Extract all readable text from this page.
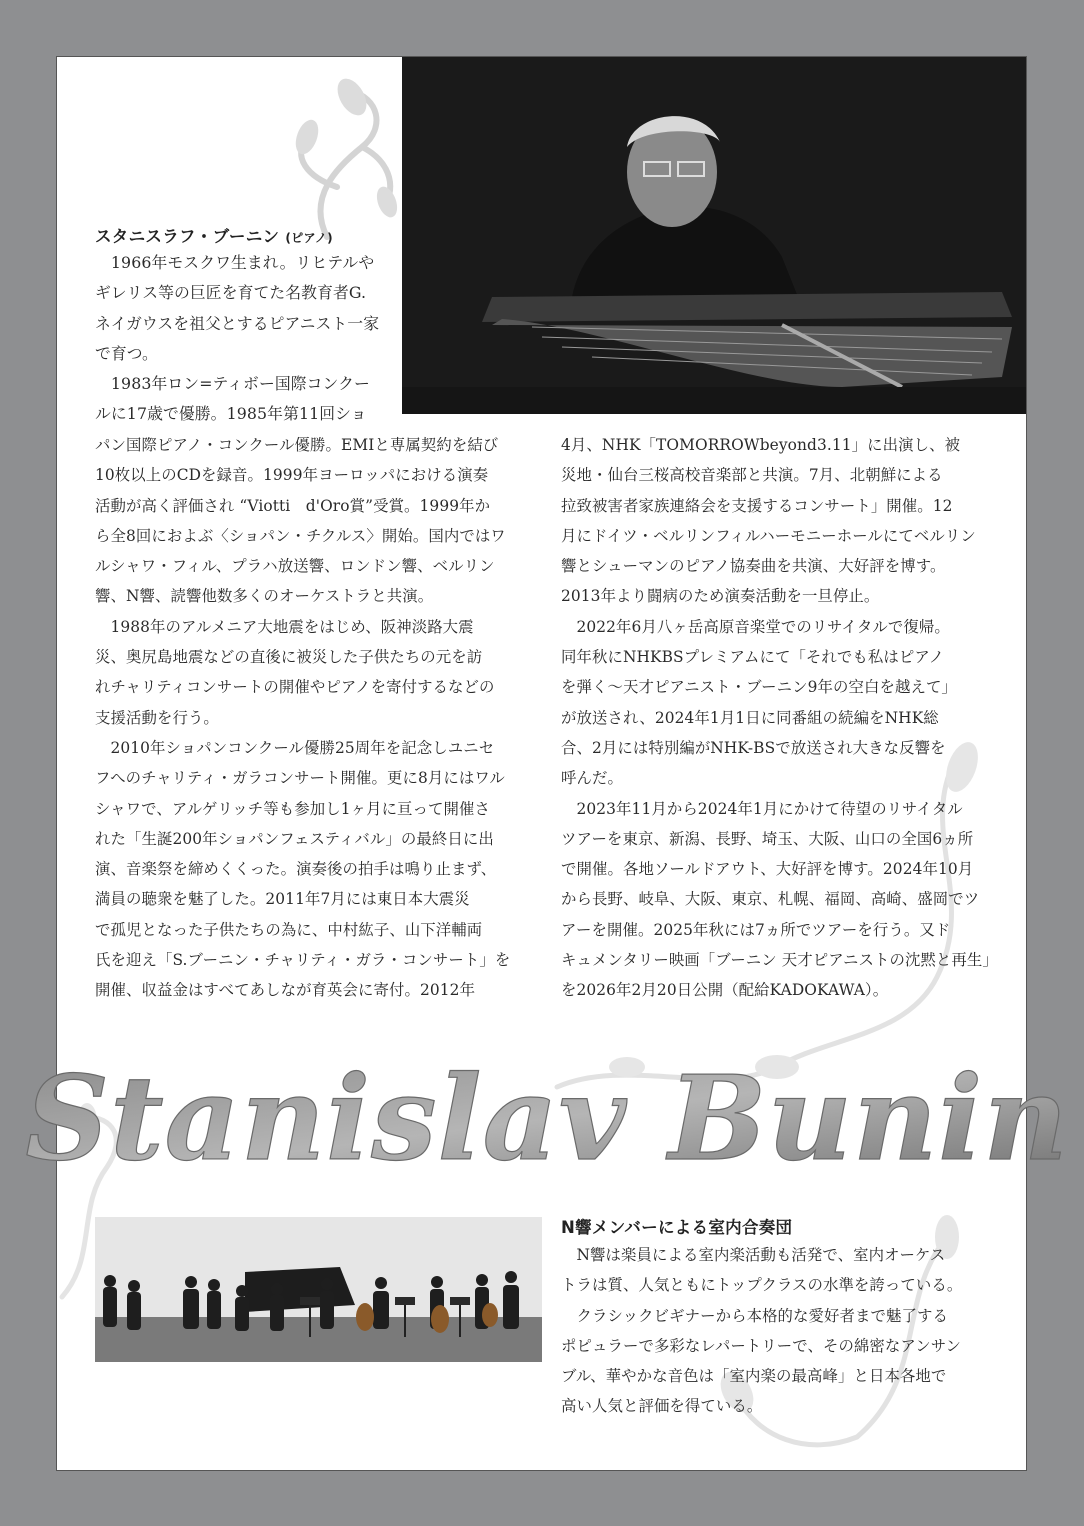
スタニスラフ・ブーニン (ピアノ)

　1966年モスクワ生まれ。リヒテルや

ギレリス等の巨匠を育てた名教育者G.

ネイガウスを祖父とするピアニスト一家

で育つ。

　1983年ロン=ティボー国際コンクー

ルに17歳で優勝。1985年第11回ショ

パン国際ピアノ・コンクール優勝。EMIと専属契約を結び

10枚以上のCDを録音。1999年ヨーロッパにおける演奏

活動が高く評価され “Viotti　d'Oro賞”受賞。1999年か

ら全8回におよぶ〈ショパン・チクルス〉開始。国内ではワ

ルシャワ・フィル、プラハ放送響、ロンドン響、ベルリン

響、N響、読響他数多くのオーケストラと共演。

　1988年のアルメニア大地震をはじめ、阪神淡路大震

災、奥尻島地震などの直後に被災した子供たちの元を訪

れチャリティコンサートの開催やピアノを寄付するなどの

支援活動を行う。

　2010年ショパンコンクール優勝25周年を記念しユニセ

フへのチャリティ・ガラコンサート開催。更に8月にはワル

シャワで、アルゲリッチ等も参加し1ヶ月に亘って開催さ

れた「生誕200年ショパンフェスティバル」の最終日に出

演、音楽祭を締めくくった。演奏後の拍手は鳴り止まず、

満員の聴衆を魅了した。2011年7月には東日本大震災

で孤児となった子供たちの為に、中村紘子、山下洋輔両

氏を迎え「S.ブーニン・チャリティ・ガラ・コンサート」を

開催、収益金はすべてあしなが育英会に寄付。2012年

4月、NHK「TOMORROWbeyond3.11」に出演し、被

災地・仙台三桜高校音楽部と共演。7月、北朝鮮による

拉致被害者家族連絡会を支援するコンサート」開催。12

月にドイツ・ベルリンフィルハーモニーホールにてベルリン

響とシューマンのピアノ協奏曲を共演、大好評を博す。

2013年より闘病のため演奏活動を一旦停止。

　2022年6月八ヶ岳高原音楽堂でのリサイタルで復帰。

同年秋にNHKBSプレミアムにて「それでも私はピアノ

を弾く～天才ピアニスト・ブーニン9年の空白を越えて」

が放送され、2024年1月1日に同番組の続編をNHK総

合、2月には特別編がNHK-BSで放送され大きな反響を

呼んだ。

　2023年11月から2024年1月にかけて待望のリサイタル

ツアーを東京、新潟、長野、埼玉、大阪、山口の全国6ヵ所

で開催。各地ソールドアウト、大好評を博す。2024年10月

から長野、岐阜、大阪、東京、札幌、福岡、高崎、盛岡でツ

アーを開催。2025年秋には7ヵ所でツアーを行う。又ド

キュメンタリー映画「ブーニン 天才ピアニストの沈黙と再生」

を2026年2月20日公開（配給KADOKAWA）。

Stanislav Bunin
N響メンバーによる室内合奏団

　N響は楽員による室内楽活動も活発で、室内オーケス

トラは質、人気ともにトップクラスの水準を誇っている。

　クラシックビギナーから本格的な愛好者まで魅了する

ポピュラーで多彩なレパートリーで、その綿密なアンサン

ブル、華やかな音色は「室内楽の最高峰」と日本各地で

高い人気と評価を得ている。
